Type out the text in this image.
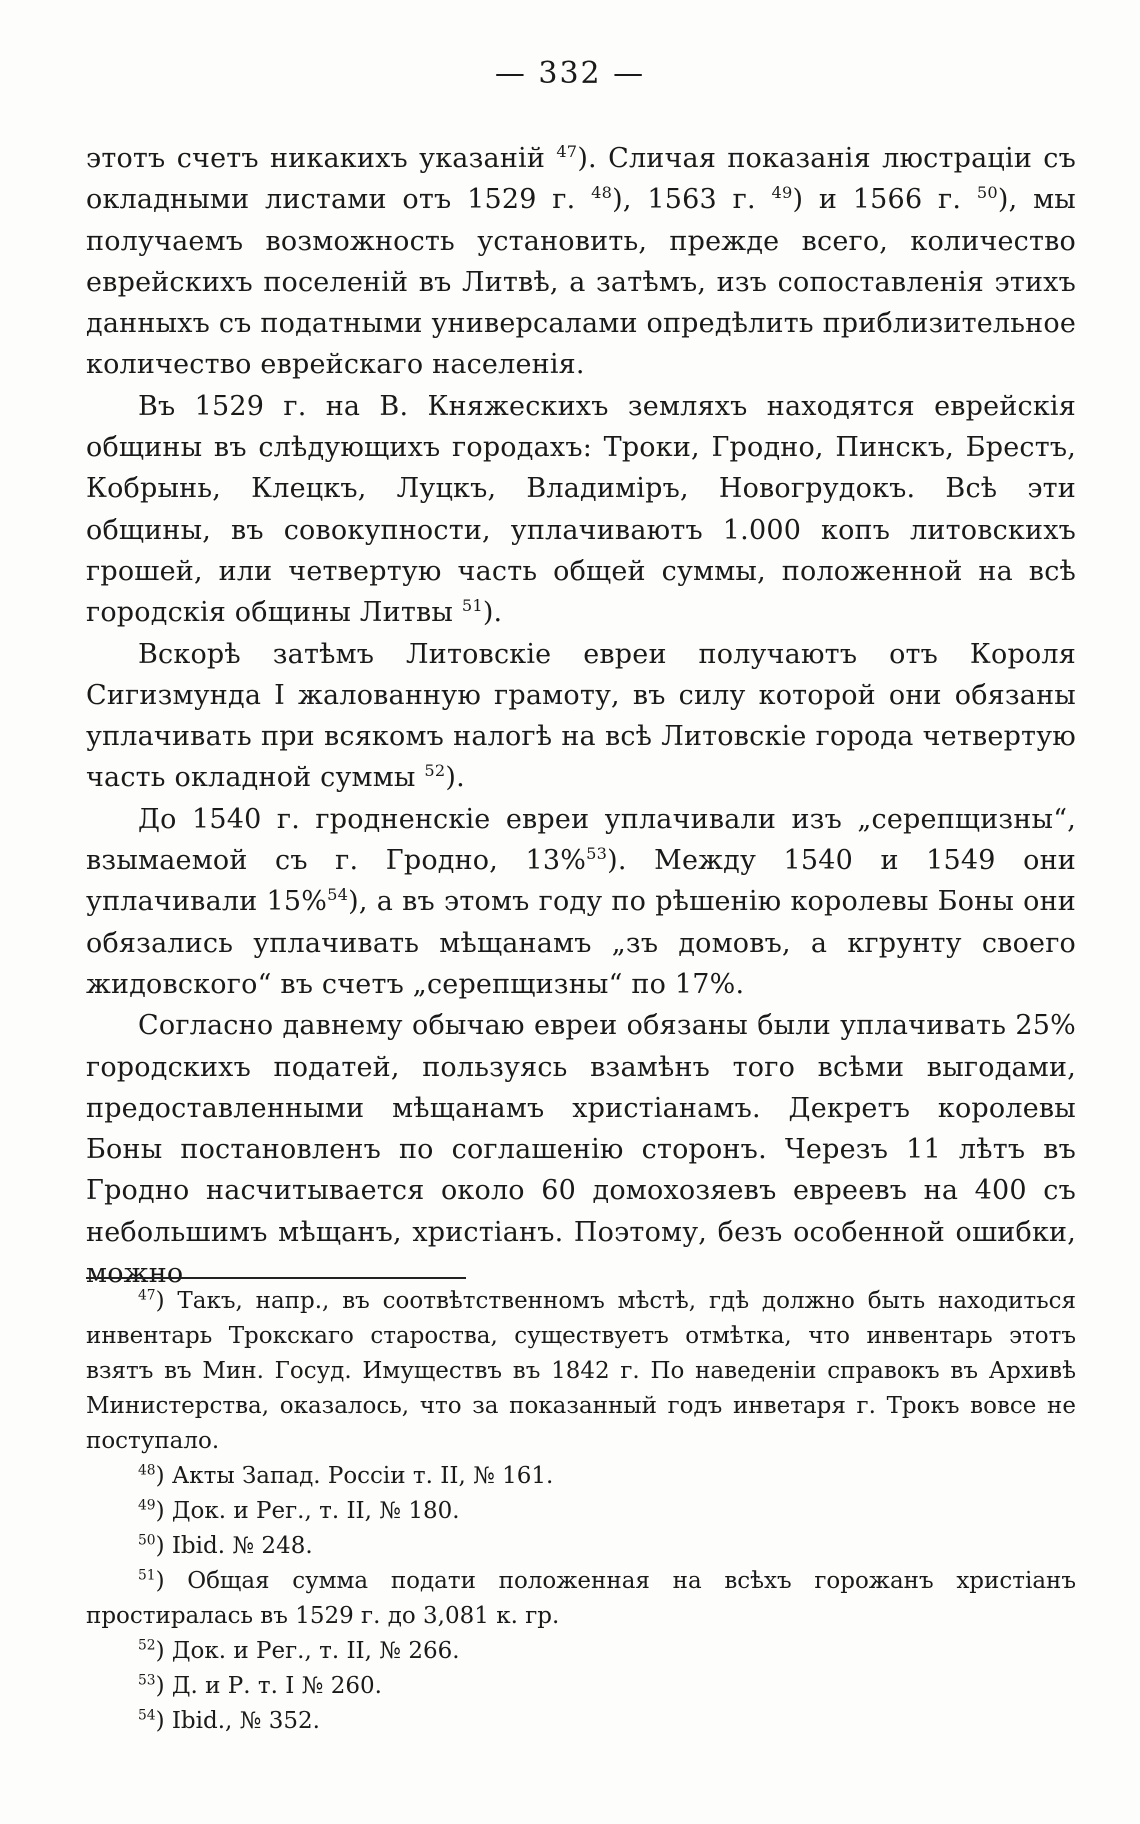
— 332 —

этотъ счетъ никакихъ указаній $^{47}$). Сличая показанія люстраціи съ окладными листами отъ 1529 г. $^{48}$), 1563 г. $^{49}$) и 1566 г. $^{50}$), мы получаемъ возможность установить, прежде всего, количество еврейскихъ поселеній въ Литвѣ, а затѣмъ, изъ сопоставленія этихъ данныхъ съ податными универсалами опредѣлить приблизительное количество еврейскаго населенія.

Въ 1529 г. на В. Княжескихъ земляхъ находятся еврейскія общины въ слѣдующихъ городахъ: Троки, Гродно, Пинскъ, Брестъ, Кобрынь, Клецкъ, Луцкъ, Владиміръ, Новогрудокъ. Всѣ эти общины, въ совокупности, уплачиваютъ 1.000 копъ литовскихъ грошей, или четвертую часть общей суммы, положенной на всѣ городскія общины Литвы $^{51}$).

Вскорѣ затѣмъ Литовскіе евреи получаютъ отъ Короля Сигизмунда I жалованную грамоту, въ силу которой они обязаны уплачивать при всякомъ налогѣ на всѣ Литовскіе города четвертую часть окладной суммы $^{52}$).

До 1540 г. гродненскіе евреи уплачивали изъ „серепщизны“, взымаемой съ г. Гродно, 13%$^{53}$). Между 1540 и 1549 они уплачивали 15%$^{54}$), а въ этомъ году по рѣшенію королевы Боны они обязались уплачивать мѣщанамъ „зъ домовъ, а кгрунту своего жидовского“ въ счетъ „серепщизны“ по 17%.

Согласно давнему обычаю евреи обязаны были уплачивать 25% городскихъ податей, пользуясь взамѣнъ того всѣми выгодами, предоставленными мѣщанамъ христіанамъ. Декретъ королевы Боны постановленъ по соглашенію сторонъ. Черезъ 11 лѣтъ въ Гродно насчитывается около 60 домохозяевъ евреевъ на 400 съ небольшимъ мѣщанъ, христіанъ. Поэтому, безъ особенной ошибки, можно

$^{47}$) Такъ, напр., въ соотвѣтственномъ мѣстѣ, гдѣ должно быть находиться инвентарь Трокскаго староства, существуетъ отмѣтка, что инвентарь этотъ взятъ въ Мин. Госуд. Имуществъ въ 1842 г. По наведеніи справокъ въ Архивѣ Министерства, оказалось, что за показанный годъ инветаря г. Трокъ вовсе не поступало.

$^{48}$) Акты Запад. Россіи т. II, № 161.

$^{49}$) Док. и Рег., т. II, № 180.

$^{50}$) Ibid. № 248.

$^{51}$) Общая сумма подати положенная на всѣхъ горожанъ христіанъ простиралась въ 1529 г. до 3,081 к. гр.

$^{52}$) Док. и Рег., т. II, № 266.

$^{53}$) Д. и Р. т. I № 260.

$^{54}$) Ibid., № 352.
